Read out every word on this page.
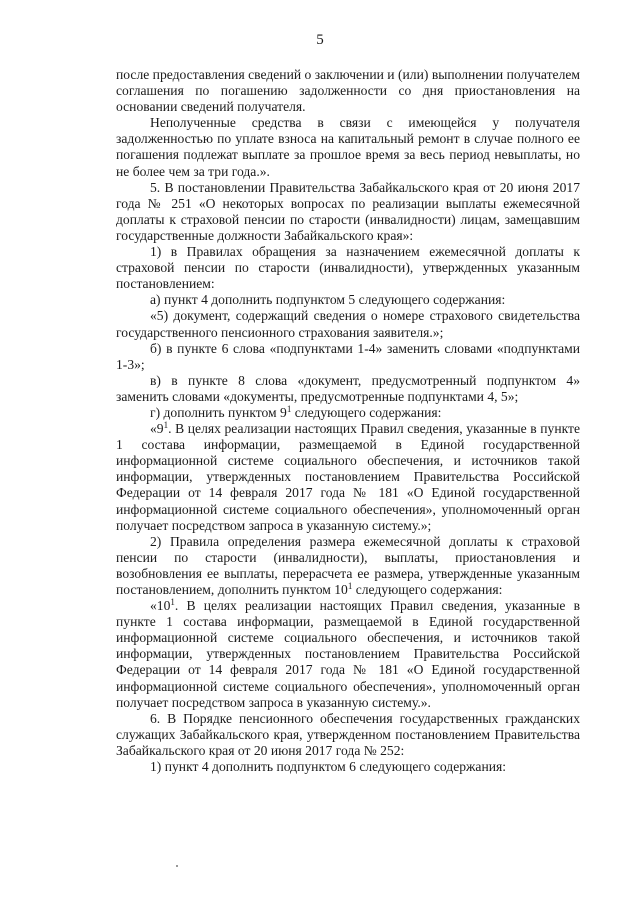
5

после предоставления сведений о заключении и (или) выполнении получателем соглашения по погашению задолженности со дня приостановления на основании сведений получателя.

Неполученные средства в связи с имеющейся у получателя задолженностью по уплате взноса на капитальный ремонт в случае полного ее погашения подлежат выплате за прошлое время за весь период невыплаты, но не более чем за три года.».

5. В постановлении Правительства Забайкальского края от 20 июня 2017 года № 251 «О некоторых вопросах по реализации выплаты ежемесячной доплаты к страховой пенсии по старости (инвалидности) лицам, замещавшим государственные должности Забайкальского края»:

1) в Правилах обращения за назначением ежемесячной доплаты к страховой пенсии по старости (инвалидности), утвержденных указанным постановлением:

а) пункт 4 дополнить подпунктом 5 следующего содержания:

«5) документ, содержащий сведения о номере страхового свидетельства государственного пенсионного страхования заявителя.»;

б) в пункте 6 слова «подпунктами 1-4» заменить словами «подпунктами 1-3»;

в) в пункте 8 слова «документ, предусмотренный подпунктом 4» заменить словами «документы, предусмотренные подпунктами 4, 5»;

г) дополнить пунктом $9^1$ следующего содержания:

«$9^1$. В целях реализации настоящих Правил сведения, указанные в пункте 1 состава информации, размещаемой в Единой государственной информационной системе социального обеспечения, и источников такой информации, утвержденных постановлением Правительства Российской Федерации от 14 февраля 2017 года № 181 «О Единой государственной информационной системе социального обеспечения», уполномоченный орган получает посредством запроса в указанную систему.»;

2) Правила определения размера ежемесячной доплаты к страховой пенсии по старости (инвалидности), выплаты, приостановления и возобновления ее выплаты, перерасчета ее размера, утвержденные указанным постановлением, дополнить пунктом $10^1$ следующего содержания:

«$10^1$. В целях реализации настоящих Правил сведения, указанные в пункте 1 состава информации, размещаемой в Единой государственной информационной системе социального обеспечения, и источников такой информации, утвержденных постановлением Правительства Российской Федерации от 14 февраля 2017 года № 181 «О Единой государственной информационной системе социального обеспечения», уполномоченный орган получает посредством запроса в указанную систему.».

6. В Порядке пенсионного обеспечения государственных гражданских служащих Забайкальского края, утвержденном постановлением Правительства Забайкальского края от 20 июня 2017 года № 252:

1) пункт 4 дополнить подпунктом 6 следующего содержания:
